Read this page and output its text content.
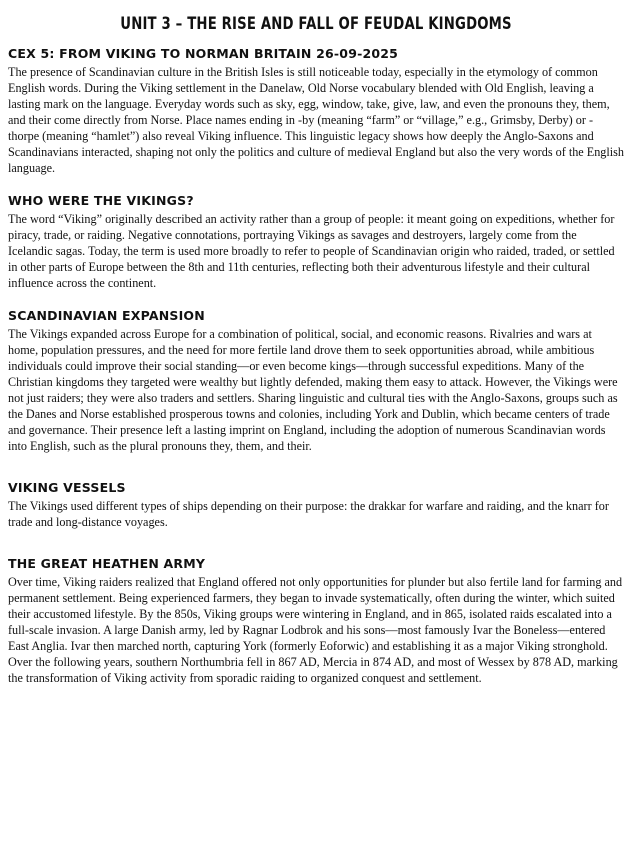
UNIT 3 – THE RISE AND FALL OF FEUDAL KINGDOMS
CEX 5: FROM VIKING TO NORMAN BRITAIN 26-09-2025

The presence of Scandinavian culture in the British Isles is still noticeable today, especially in the etymology of common English words. During the Viking settlement in the Danelaw, Old Norse vocabulary blended with Old English, leaving a lasting mark on the language. Everyday words such as sky, egg, window, take, give, law, and even the pronouns they, them, and their come directly from Norse. Place names ending in -by (meaning “farm” or “village,” e.g., Grimsby, Derby) or -thorpe (meaning “hamlet”) also reveal Viking influence. This linguistic legacy shows how deeply the Anglo-Saxons and Scandinavians interacted, shaping not only the politics and culture of medieval England but also the very words of the English language.

WHO WERE THE VIKINGS?

The word “Viking” originally described an activity rather than a group of people: it meant going on expeditions, whether for piracy, trade, or raiding. Negative connotations, portraying Vikings as savages and destroyers, largely come from the Icelandic sagas. Today, the term is used more broadly to refer to people of Scandinavian origin who raided, traded, or settled in other parts of Europe between the 8th and 11th centuries, reflecting both their adventurous lifestyle and their cultural influence across the continent.

SCANDINAVIAN EXPANSION

The Vikings expanded across Europe for a combination of political, social, and economic reasons. Rivalries and wars at home, population pressures, and the need for more fertile land drove them to seek opportunities abroad, while ambitious individuals could improve their social standing—or even become kings—through successful expeditions. Many of the Christian kingdoms they targeted were wealthy but lightly defended, making them easy to attack. However, the Vikings were not just raiders; they were also traders and settlers. Sharing linguistic and cultural ties with the Anglo-Saxons, groups such as the Danes and Norse established prosperous towns and colonies, including York and Dublin, which became centers of trade and governance. Their presence left a lasting imprint on England, including the adoption of numerous Scandinavian words into English, such as the plural pronouns they, them, and their.

VIKING VESSELS

The Vikings used different types of ships depending on their purpose: the drakkar for warfare and raiding, and the knarr for trade and long-distance voyages.

THE GREAT HEATHEN ARMY

Over time, Viking raiders realized that England offered not only opportunities for plunder but also fertile land for farming and permanent settlement. Being experienced farmers, they began to invade systematically, often during the winter, which suited their accustomed lifestyle. By the 850s, Viking groups were wintering in England, and in 865, isolated raids escalated into a full-scale invasion. A large Danish army, led by Ragnar Lodbrok and his sons—most famously Ivar the Boneless—entered East Anglia. Ivar then marched north, capturing York (formerly Eoforwic) and establishing it as a major Viking stronghold. Over the following years, southern Northumbria fell in 867 AD, Mercia in 874 AD, and most of Wessex by 878 AD, marking the transformation of Viking activity from sporadic raiding to organized conquest and settlement.
